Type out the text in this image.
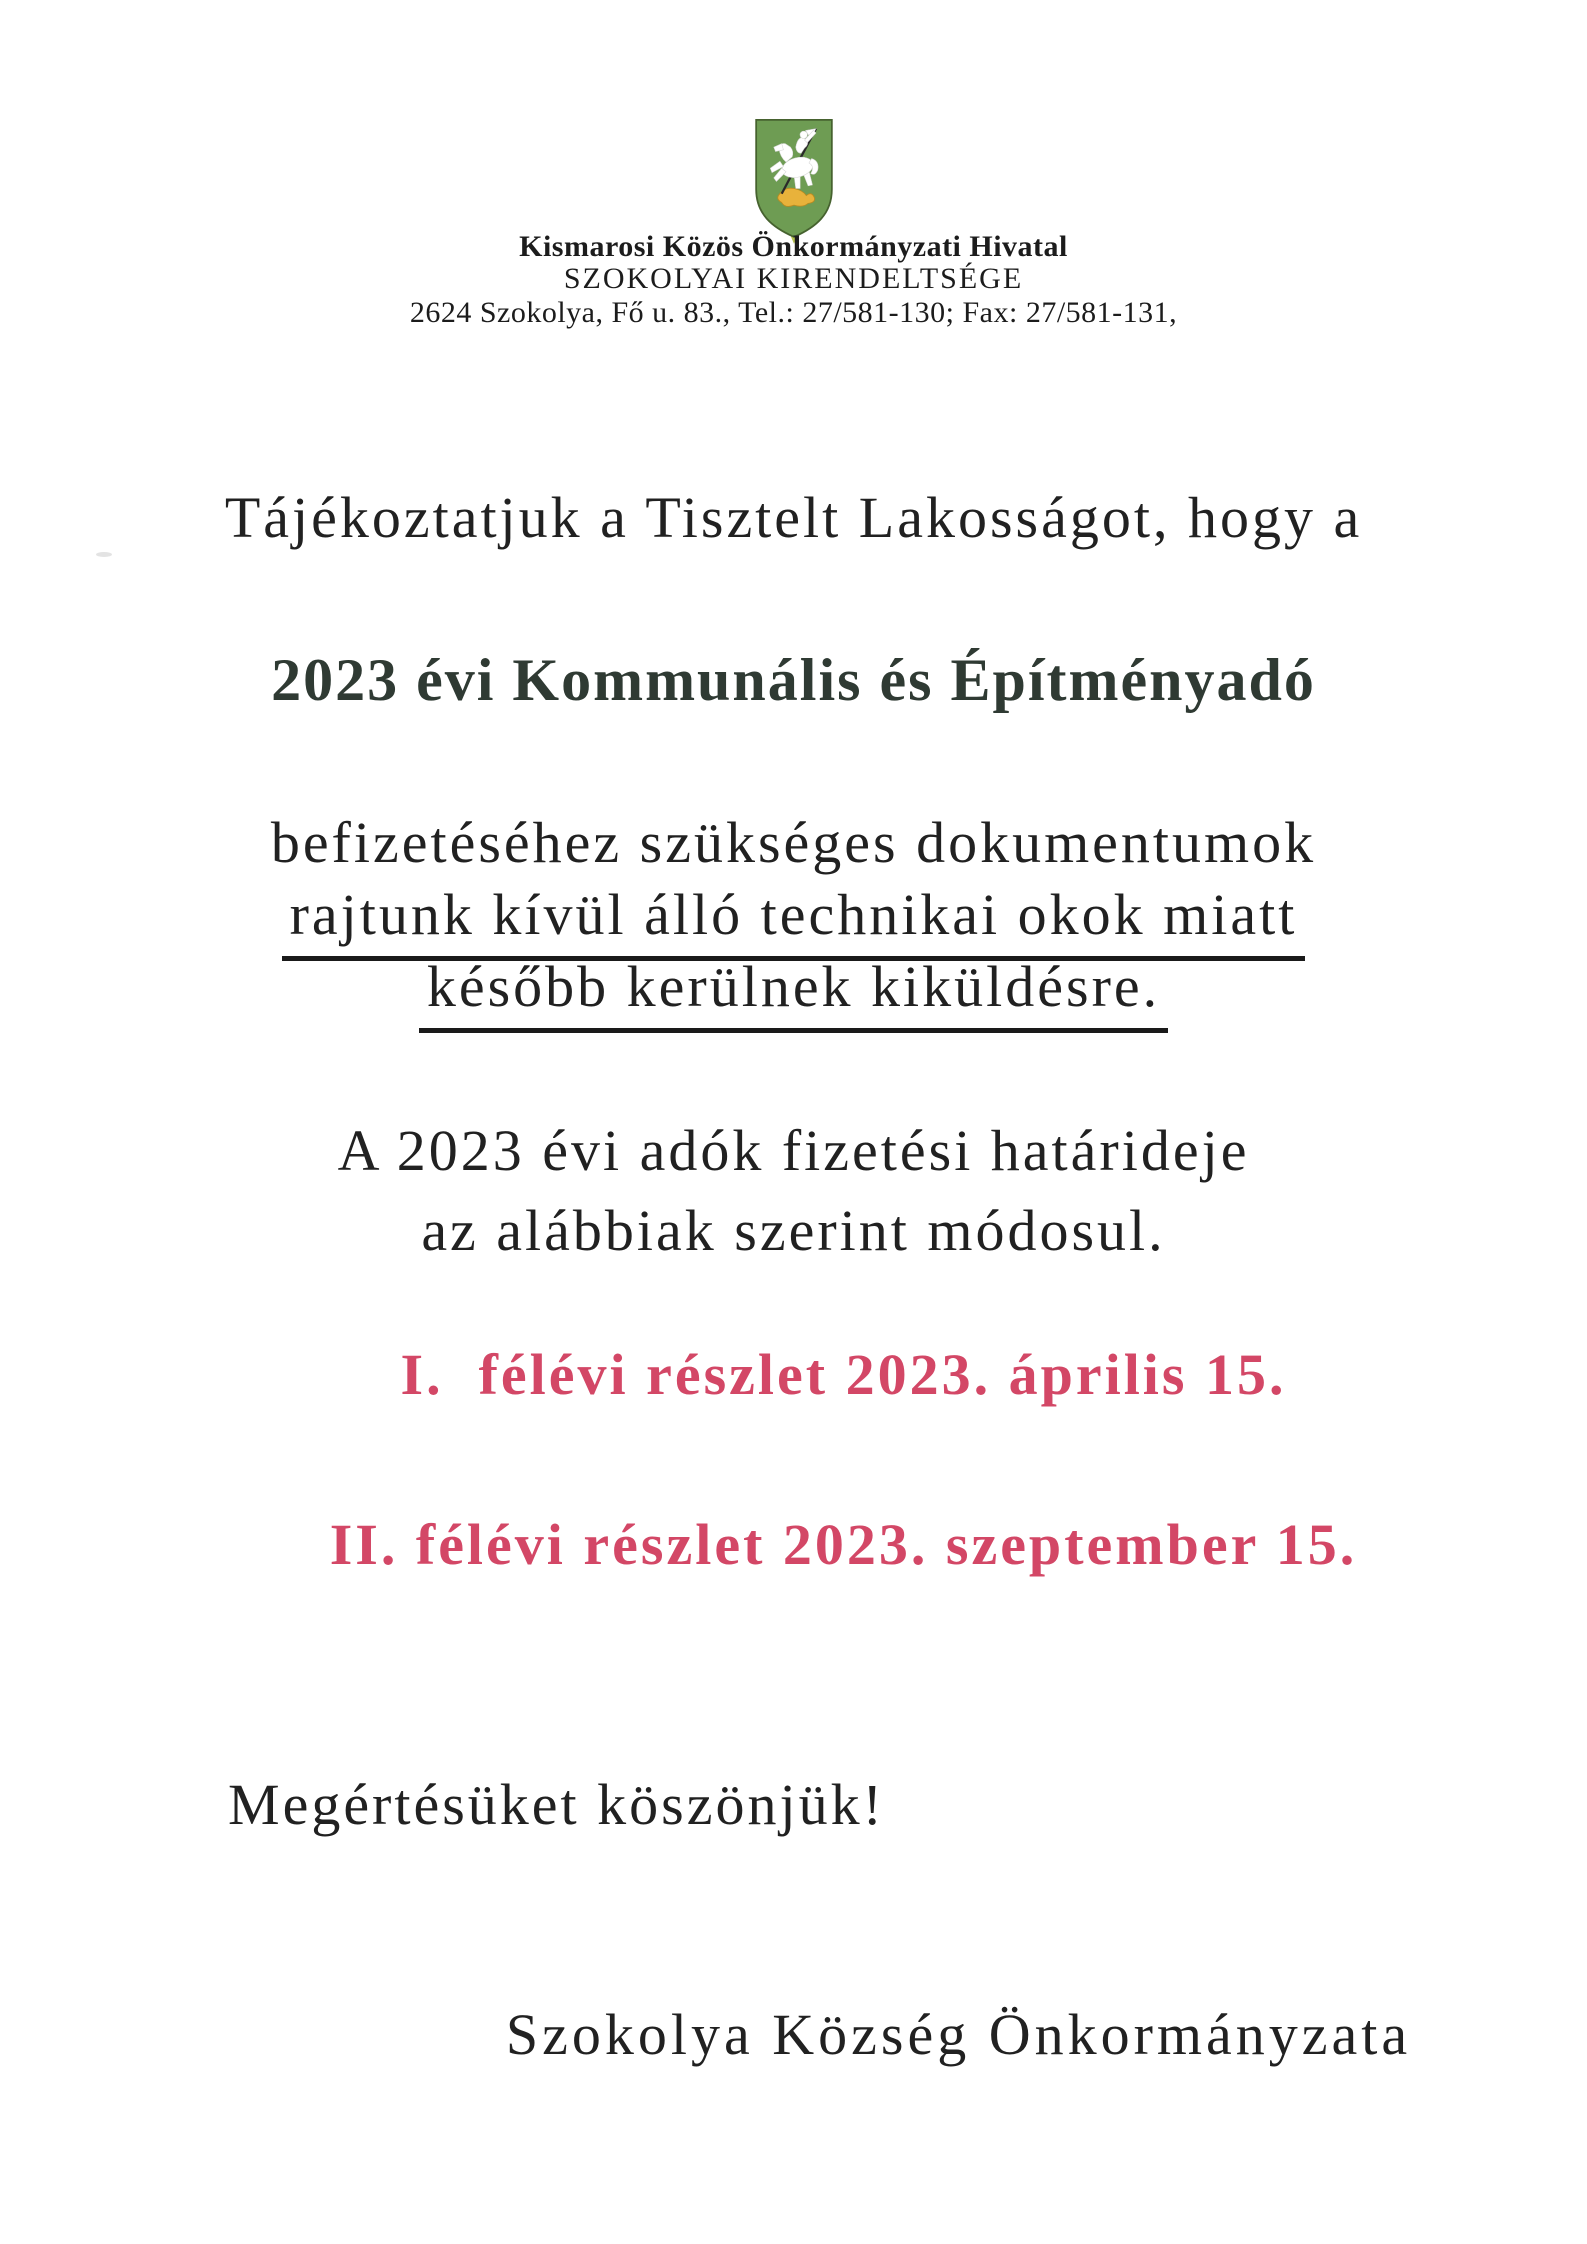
Kismarosi Közös Önkormányzati Hivatal
SZOKOLYAI KIRENDELTSÉGE
2624 Szokolya, Fő u. 83., Tel.: 27/581-130; Fax: 27/581-131,
Tájékoztatjuk a Tisztelt Lakosságot, hogy a
2023 évi Kommunális és Építményadó
befizetéséhez szükséges dokumentumok
rajtunk kívül álló technikai okok miatt
később kerülnek kiküldésre.
A 2023 évi adók fizetési határideje
az alábbiak szerint módosul.
I.  félévi részlet 2023. április 15.
II. félévi részlet 2023. szeptember 15.
Megértésüket köszönjük!
Szokolya Község Önkormányzata
